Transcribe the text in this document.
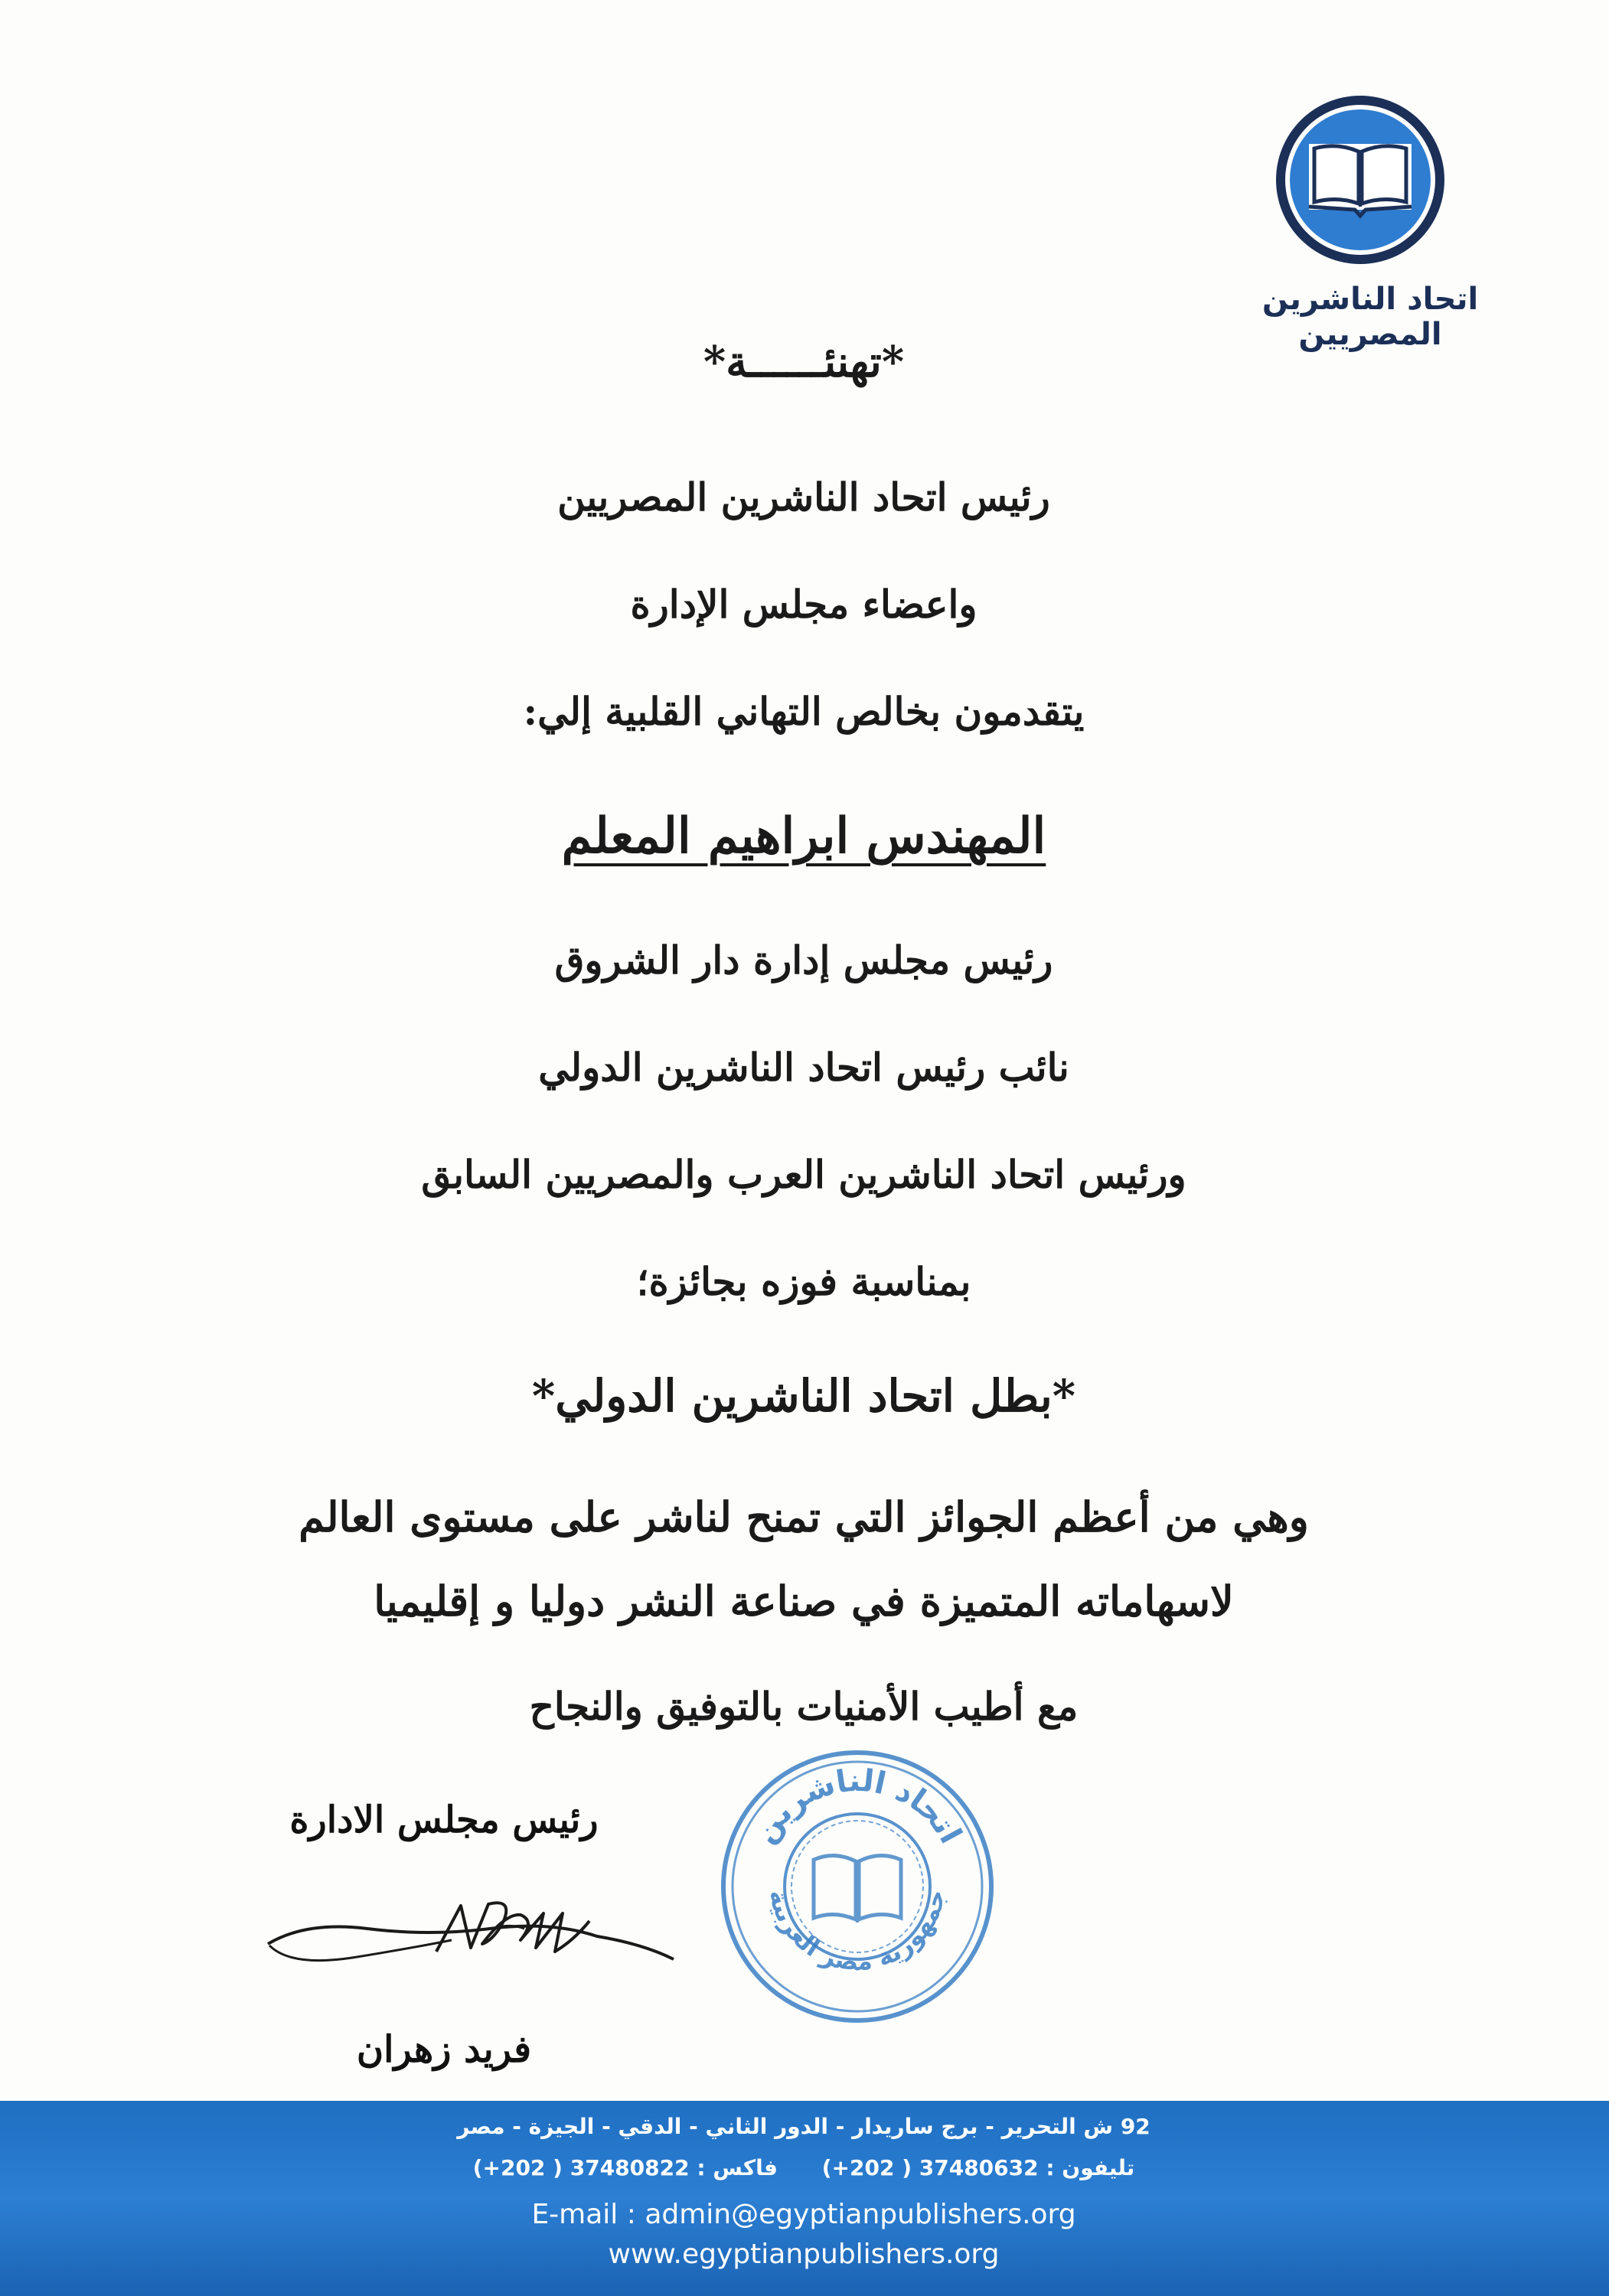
اتحاد الناشرين المصريين
*تهنئــــــة*
رئيس اتحاد الناشرين المصريين
واعضاء مجلس الإدارة
يتقدمون بخالص التهاني القلبية إلي:
المهندس ابراهيم المعلم
رئيس مجلس إدارة دار الشروق
نائب رئيس اتحاد الناشرين الدولي
ورئيس اتحاد الناشرين العرب والمصريين السابق
بمناسبة فوزه بجائزة؛
*بطل اتحاد الناشرين الدولي*
وهي من أعظم الجوائز التي تمنح لناشر على مستوى العالم
لاسهاماته المتميزة في صناعة النشر دوليا و إقليميا
مع أطيب الأمنيات بالتوفيق والنجاح
اتحاد الناشرين
جمهورية مصر العربية
رئيس مجلس الادارة
فريد زهران
92 ش التحرير - برج ساريدار - الدور الثاني - الدقي - الجيزة - مصر
تليفون : 37480632 ( 202+) فاكس : 37480822 ( 202+)
E-mail : admin@egyptianpublishers.org
www.egyptianpublishers.org
